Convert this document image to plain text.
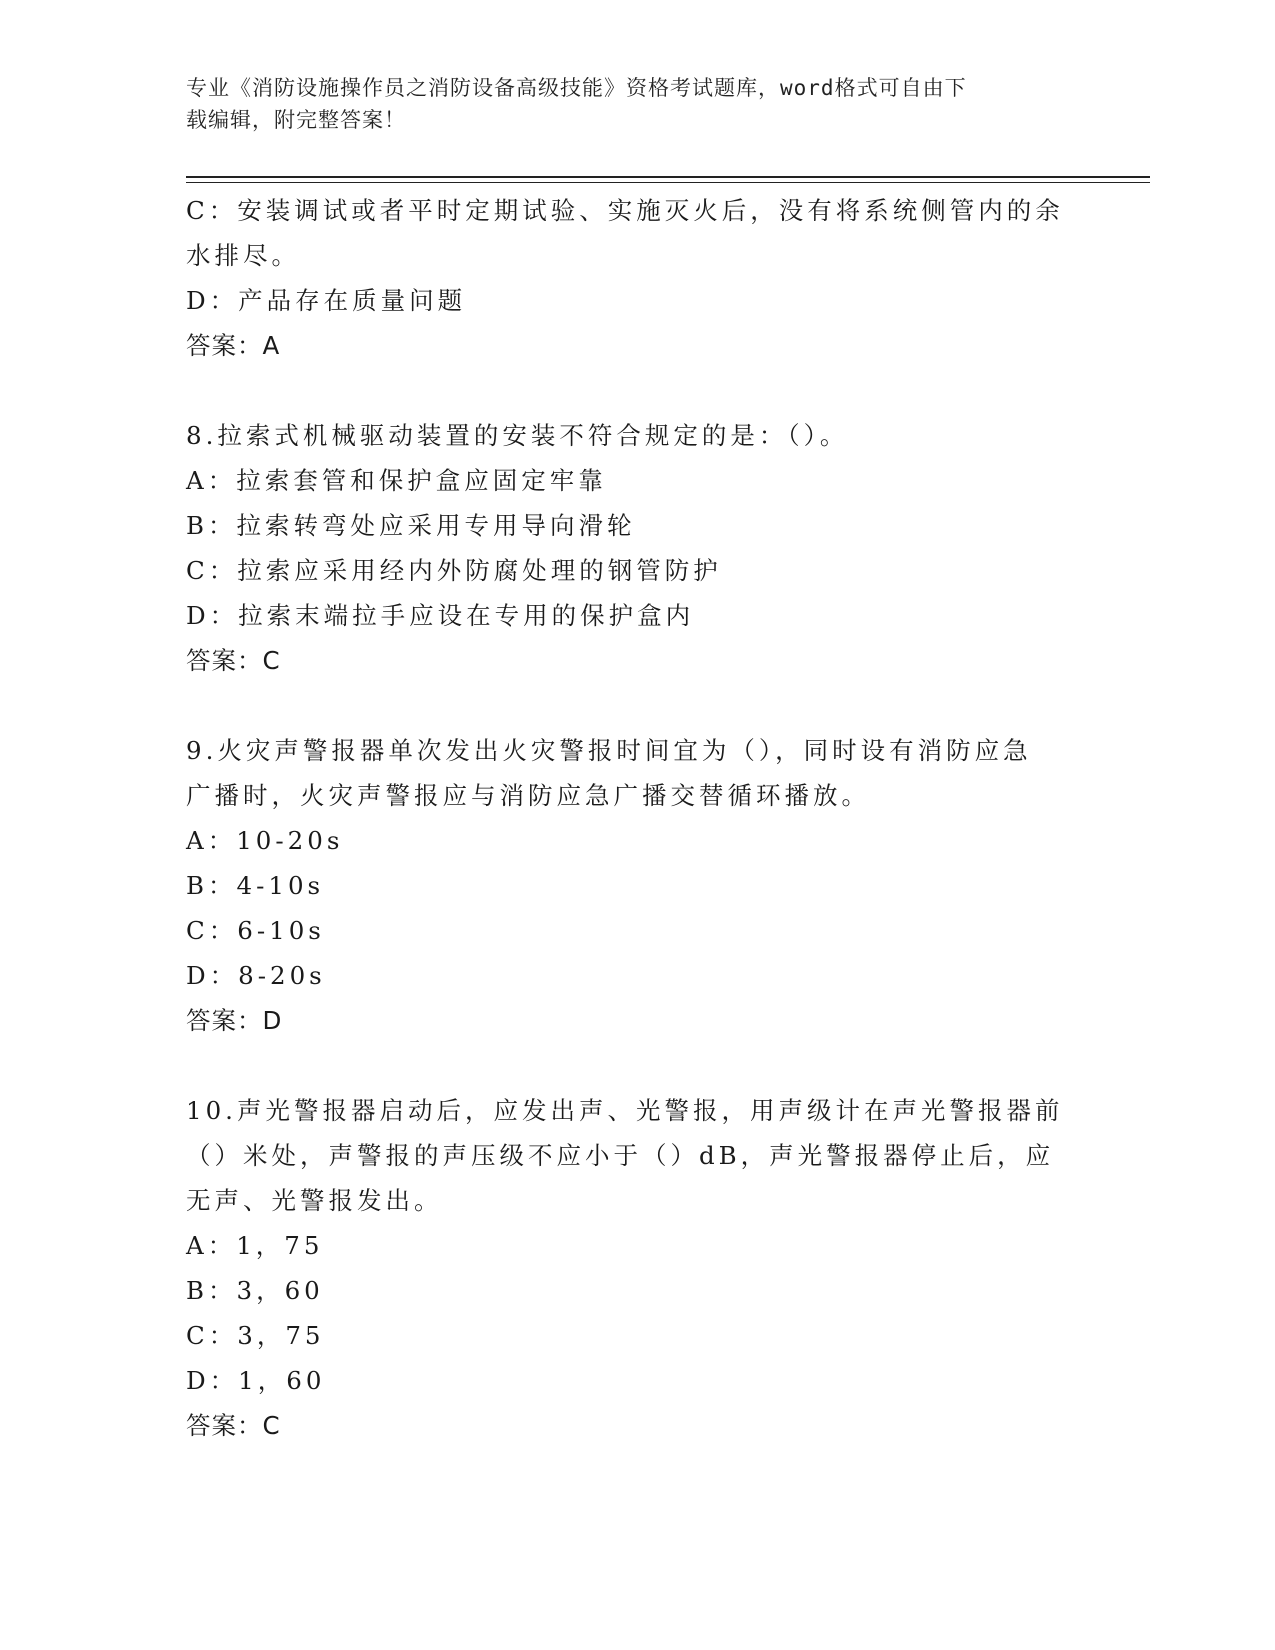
专业《消防设施操作员之消防设备高级技能》资格考试题库，word格式可自由下
载编辑，附完整答案！
C：安装调试或者平时定期试验、实施灭火后，没有将系统侧管内的余
水排尽。
D：产品存在质量问题
答案：A
8.拉索式机械驱动装置的安装不符合规定的是：（）。
A：拉索套管和保护盒应固定牢靠
B：拉索转弯处应采用专用导向滑轮
C：拉索应采用经内外防腐处理的钢管防护
D：拉索末端拉手应设在专用的保护盒内
答案：C
9.火灾声警报器单次发出火灾警报时间宜为（），同时设有消防应急
广播时，火灾声警报应与消防应急广播交替循环播放。
A：10-20s
B：4-10s
C：6-10s
D：8-20s
答案：D
10.声光警报器启动后，应发出声、光警报，用声级计在声光警报器前
（）米处，声警报的声压级不应小于（）dB，声光警报器停止后，应
无声、光警报发出。
A：1，75
B：3，60
C：3，75
D：1，60
答案：C
